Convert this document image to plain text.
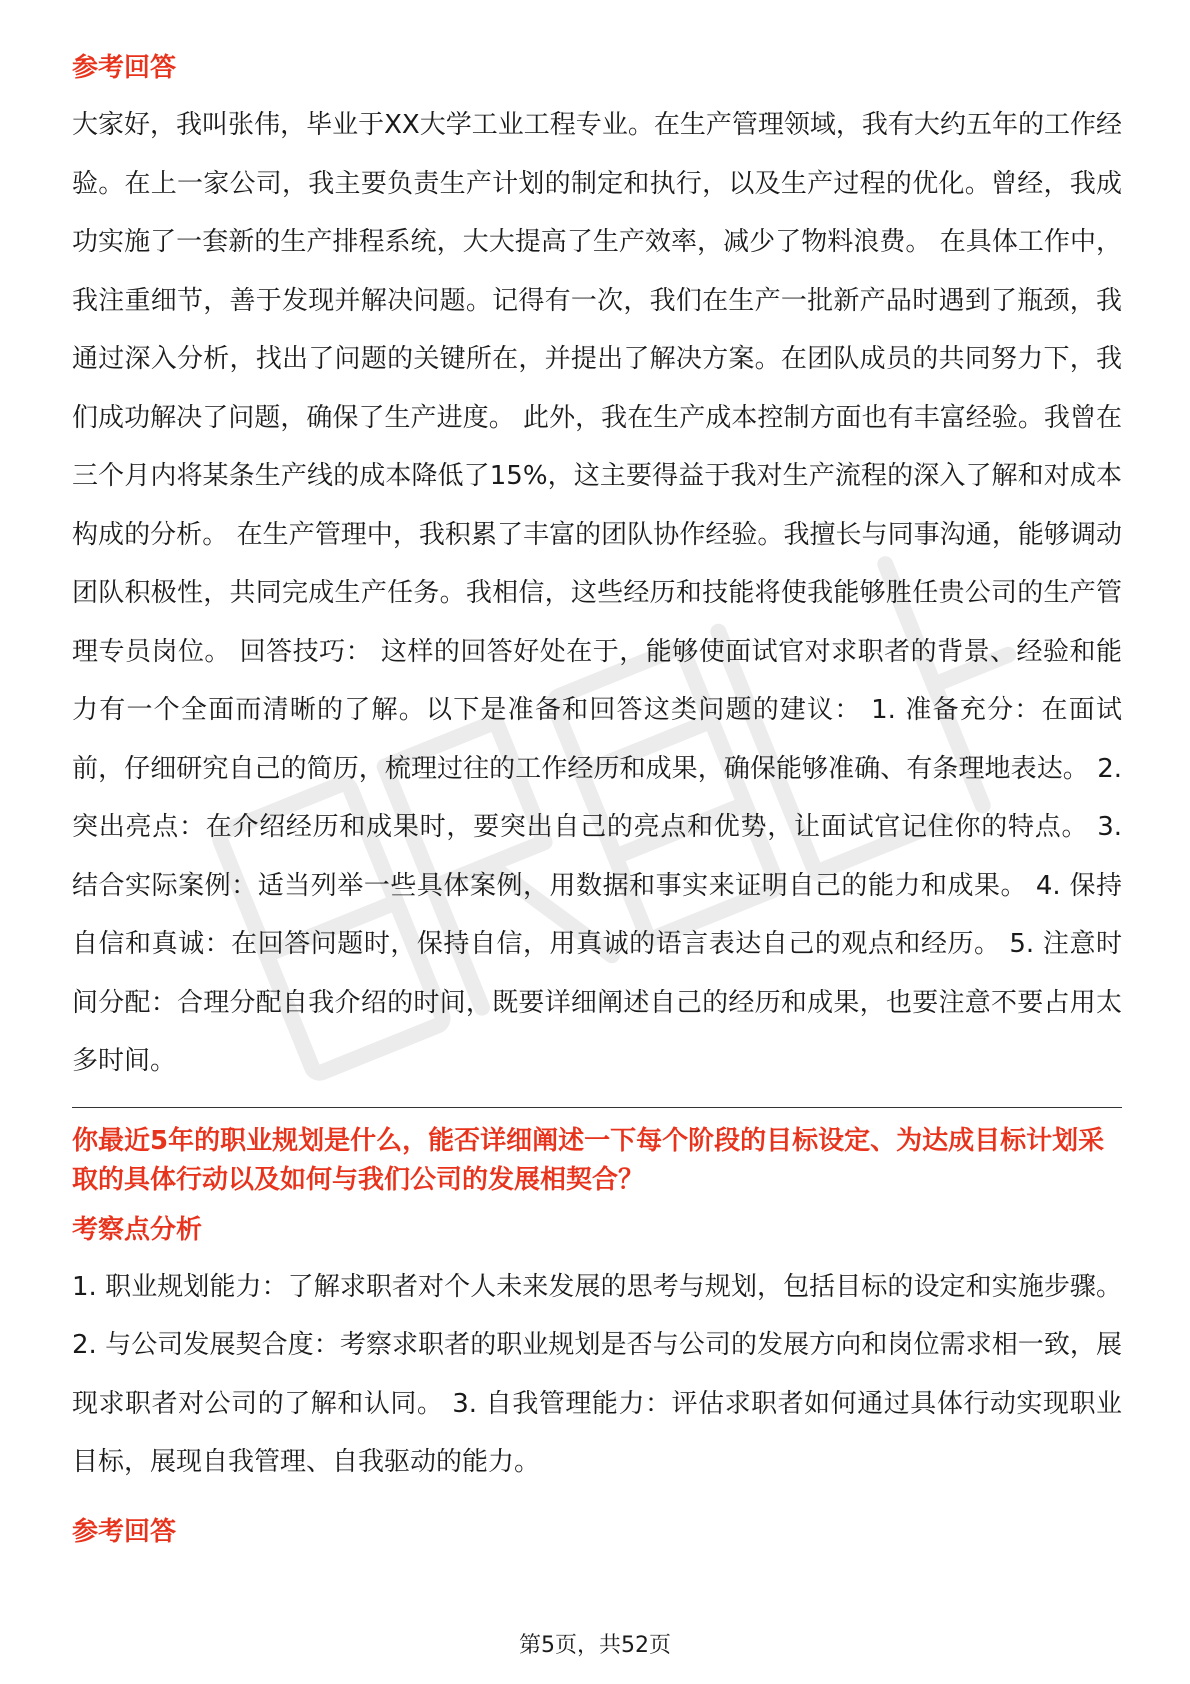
参考回答

大家好，我叫张伟，毕业于XX大学工业工程专业。在生产管理领域，我有大约五年的工作经验。在上一家公司，我主要负责生产计划的制定和执行，以及生产过程的优化。曾经，我成功实施了一套新的生产排程系统，大大提高了生产效率，减少了物料浪费。 在具体工作中，我注重细节，善于发现并解决问题。记得有一次，我们在生产一批新产品时遇到了瓶颈，我通过深入分析，找出了问题的关键所在，并提出了解决方案。在团队成员的共同努力下，我们成功解决了问题，确保了生产进度。 此外，我在生产成本控制方面也有丰富经验。我曾在三个月内将某条生产线的成本降低了15%，这主要得益于我对生产流程的深入了解和对成本构成的分析。 在生产管理中，我积累了丰富的团队协作经验。我擅长与同事沟通，能够调动团队积极性，共同完成生产任务。我相信，这些经历和技能将使我能够胜任贵公司的生产管理专员岗位。 回答技巧： 这样的回答好处在于，能够使面试官对求职者的背景、经验和能力有一个全面而清晰的了解。以下是准备和回答这类问题的建议： 1. 准备充分：在面试前，仔细研究自己的简历，梳理过往的工作经历和成果，确保能够准确、有条理地表达。 2. 突出亮点：在介绍经历和成果时，要突出自己的亮点和优势，让面试官记住你的特点。 3. 结合实际案例：适当列举一些具体案例，用数据和事实来证明自己的能力和成果。 4. 保持自信和真诚：在回答问题时，保持自信，用真诚的语言表达自己的观点和经历。 5. 注意时间分配：合理分配自我介绍的时间，既要详细阐述自己的经历和成果，也要注意不要占用太多时间。

你最近5年的职业规划是什么，能否详细阐述一下每个阶段的目标设定、为达成目标计划采取的具体行动以及如何与我们公司的发展相契合？

考察点分析

1. 职业规划能力：了解求职者对个人未来发展的思考与规划，包括目标的设定和实施步骤。 2. 与公司发展契合度：考察求职者的职业规划是否与公司的发展方向和岗位需求相一致，展现求职者对公司的了解和认同。 3. 自我管理能力：评估求职者如何通过具体行动实现职业目标，展现自我管理、自我驱动的能力。

参考回答

第5页，共52页
